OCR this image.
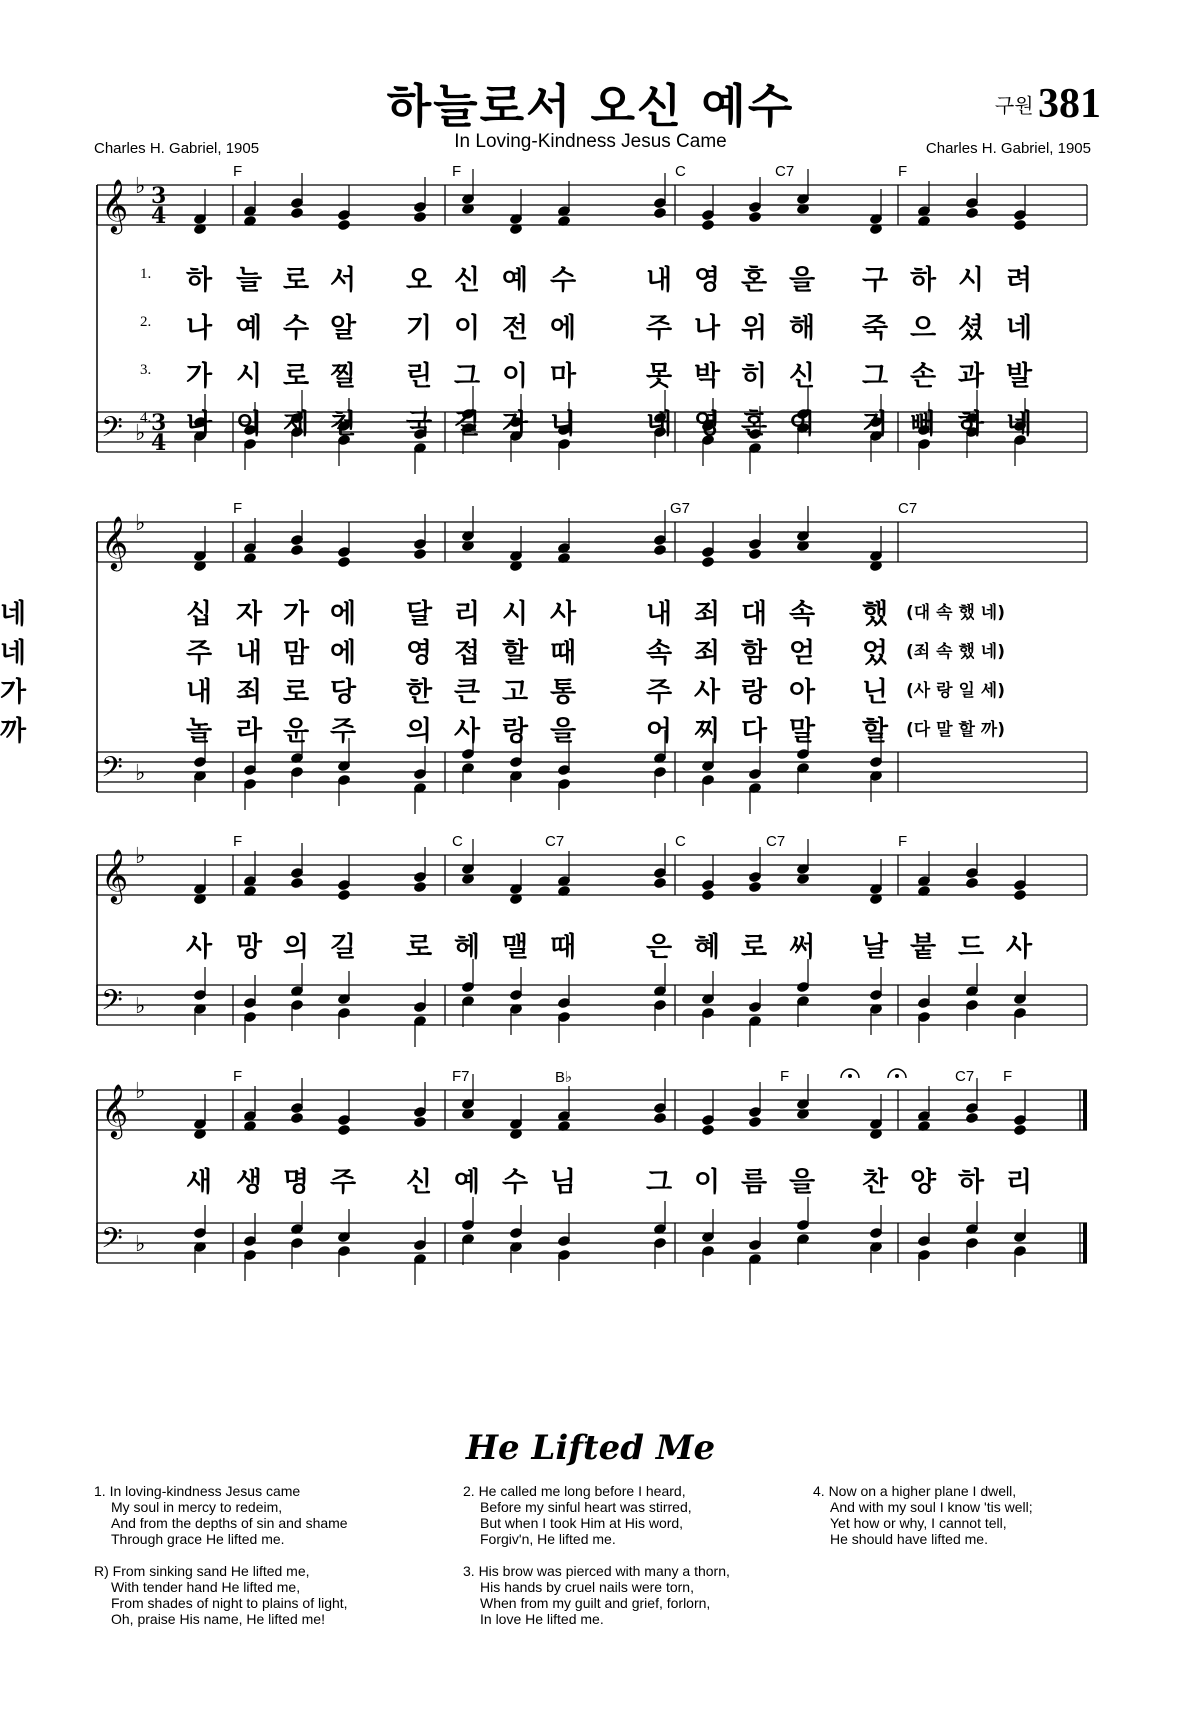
하늘로서 오신 예수
In Loving-Kindness Jesus Came
구원 381
Charles H. Gabriel, 1905	Charles H. Gabriel, 1905
𝄞 ♭ 3
4
𝄢 ♭ 3
4
𝄞 ♭
𝄢 ♭
𝄞 ♭
𝄢 ♭
𝄞 ♭
𝄢 ♭
F	F	C	C7	F
F	G7	C7
F	C	C7	C	C7	F
F	F7	B♭	F	C7 F
1. 하 늘 로 서 오 신 예 수	내 영 혼 을 구 하 시 려
2. 나 예 수 알 기 이 전 에	주 나 위 해 죽 으 셨 네
3. 가 시 로 찔 린 그 이 마	못 박 히 신 그 손 과 발
4. 나 이 제 천 국 길 가 니	내 영 혼 이 기 뻐 하 네
십 자 가 에 달 리 시 사	내 죄 대 속 했
네	(대 속 했 네)
주 내 맘 에 영 접 할 때	속 죄 함 얻 었
네	(죄 속 했 네)
내 죄 로 당 한 큰 고 통	주 사 랑 아 닌
가	(사 랑 일 세)
놀 라 운 주 의 사 랑 을	어 찌 다 말 할
까	(다 말 할 까)
사 망 의 길 로 헤 맬 때	은 혜 로 써 날 붙 드 사
새 생 명 주 신 예 수 님	그 이 름 을 찬 양 하 리
He Lifted Me
1. In loving-kindness Jesus came
My soul in mercy to redeim,
And from the depths of sin and shame
Through grace He lifted me.
R) From sinking sand He lifted me,
With tender hand He lifted me,
From shades of night to plains of light,
Oh, praise His name, He lifted me!
2. He called me long before I heard,
Before my sinful heart was stirred,
But when I took Him at His word,
Forgiv'n, He lifted me.
3. His brow was pierced with many a thorn,
His hands by cruel nails were torn,
When from my guilt and grief, forlorn,
In love He lifted me.
4. Now on a higher plane I dwell,
And with my soul I know 'tis well;
Yet how or why, I cannot tell,
He should have lifted me.
